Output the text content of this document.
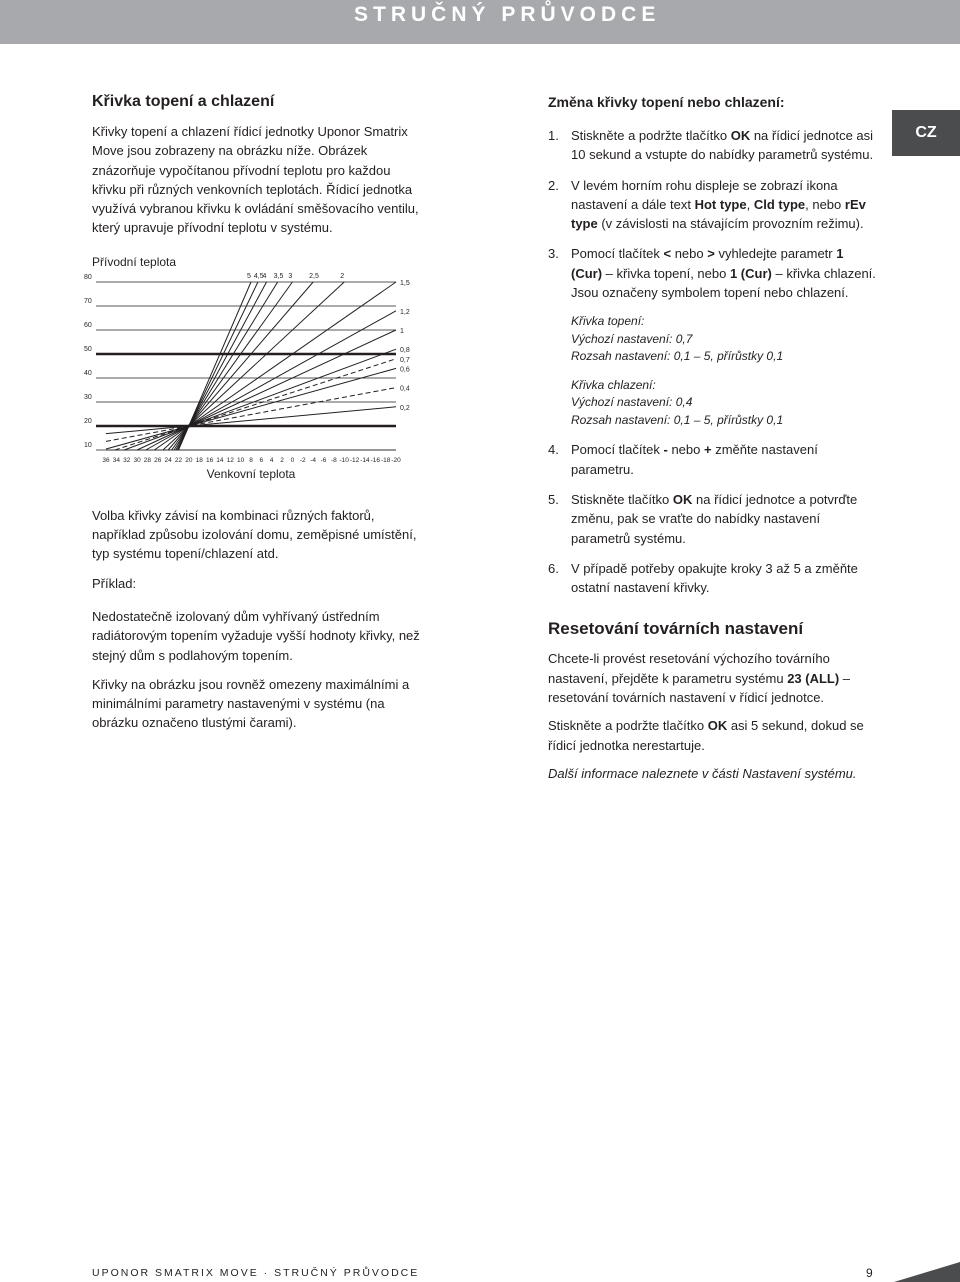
STRUČNÝ PRŮVODCE
CZ
Křivka topení a chlazení

Křivky topení a chlazení řídicí jednotky Uponor Smatrix Move jsou zobrazeny na obrázku níže. Obrázek znázorňuje vypočítanou přívodní teplotu pro každou křivku při různých venkovních teplotách. Řídicí jednotka využívá vybranou křivku k ovládání směšovacího ventilu, který upravuje přívodní teplotu v systému.

Přívodní teplota
80
70
60
50
40
30
20
10
5 4,5
4 3,5 3 2,5	2
1,5
1,2
1
0,8
0,7
0,6
0,4
0,2
36 34 32 30 28 26 24 22 20 18 16 14 12 10 8 6 4 2 0 -2 -4 -6 -8 -10 -12 -14 -16 -18 -20
Venkovní teplota

Volba křivky závisí na kombinaci různých faktorů, například způsobu izolování domu, zeměpisné umístění, typ systému topení/chlazení atd.

Příklad:

Nedostatečně izolovaný dům vyhřívaný ústředním radiátorovým topením vyžaduje vyšší hodnoty křivky, než stejný dům s podlahovým topením.

Křivky na obrázku jsou rovněž omezeny maximálními a minimálními parametry nastavenými v systému (na obrázku označeno tlustými čarami).

Změna křivky topení nebo chlazení:
1. Stiskněte a podržte tlačítko OK na řídicí jednotce asi 10 sekund a vstupte do nabídky parametrů systému.
2. V levém horním rohu displeje se zobrazí ikona nastavení a dále text Hot type, Cld type, nebo rEv type (v závislosti na stávajícím provozním režimu).
3. Pomocí tlačítek < nebo > vyhledejte parametr 1 (Cur) – křivka topení, nebo 1 (Cur) – křivka chlazení. Jsou označeny symbolem topení nebo chlazení.
Křivka topení:
Výchozí nastavení: 0,7
Rozsah nastavení: 0,1 – 5, přírůstky 0,1
Křivka chlazení:
Výchozí nastavení: 0,4
Rozsah nastavení: 0,1 – 5, přírůstky 0,1
4. Pomocí tlačítek - nebo + změňte nastavení parametru.
5. Stiskněte tlačítko OK na řídicí jednotce a potvrďte změnu, pak se vraťte do nabídky nastavení parametrů systému.
6. V případě potřeby opakujte kroky 3 až 5 a změňte ostatní nastavení křivky.
Resetování továrních nastavení

Chcete-li provést resetování výchozího továrního nastavení, přejděte k parametru systému 23 (ALL) – resetování továrních nastavení v řídicí jednotce.

Stiskněte a podržte tlačítko OK asi 5 sekund, dokud se řídicí jednotka nerestartuje.

Další informace naleznete v části Nastavení systému.

UPONOR SMATRIX MOVE · STRUČNÝ PRŮVODCE	9
